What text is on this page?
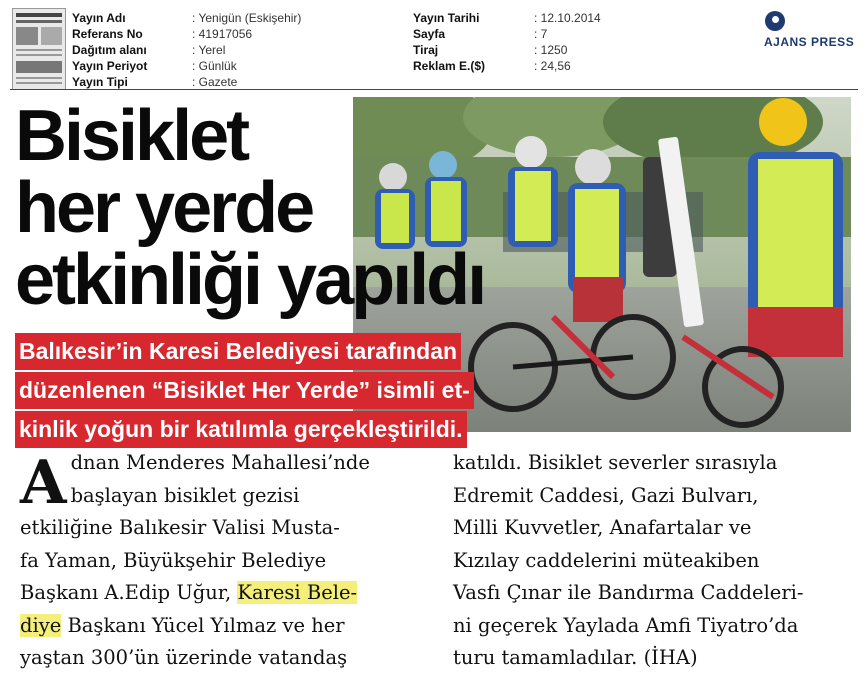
Yayın Adı	: Yenigün (Eskişehir)
Referans No	: 41917056
Dağıtım alanı	: Yerel
Yayın Periyot	: Günlük
Yayın Tipi	: Gazete
Yayın Tarihi	: 12.10.2014
Sayfa	: 7
Tiraj	: 1250
Reklam E.($)	: 24,56
AJANS PRESS
Bisiklet
her yerde
etkinliği yapıldı
Balıkesir’in Karesi Belediyesi tarafından
düzenlenen “Bisiklet Her Yerde” isimli et-
kinlik yoğun bir katılımla gerçekleştirildi.
A dnan Menderes Mahallesi’nde
başlayan bisiklet gezisi
etkiliğine Balıkesir Valisi Musta-
fa Yaman, Büyükşehir Belediye
Başkanı A.Edip Uğur, Karesi Bele-
diye Başkanı Yücel Yılmaz ve her
yaştan 300’ün üzerinde vatandaş
katıldı. Bisiklet severler sırasıyla
Edremit Caddesi, Gazi Bulvarı,
Milli Kuvvetler, Anafartalar ve
Kızılay caddelerini müteakiben
Vasfı Çınar ile Bandırma Caddeleri-
ni geçerek Yaylada Amfi Tiyatro’da
turu tamamladılar. (İHA)
